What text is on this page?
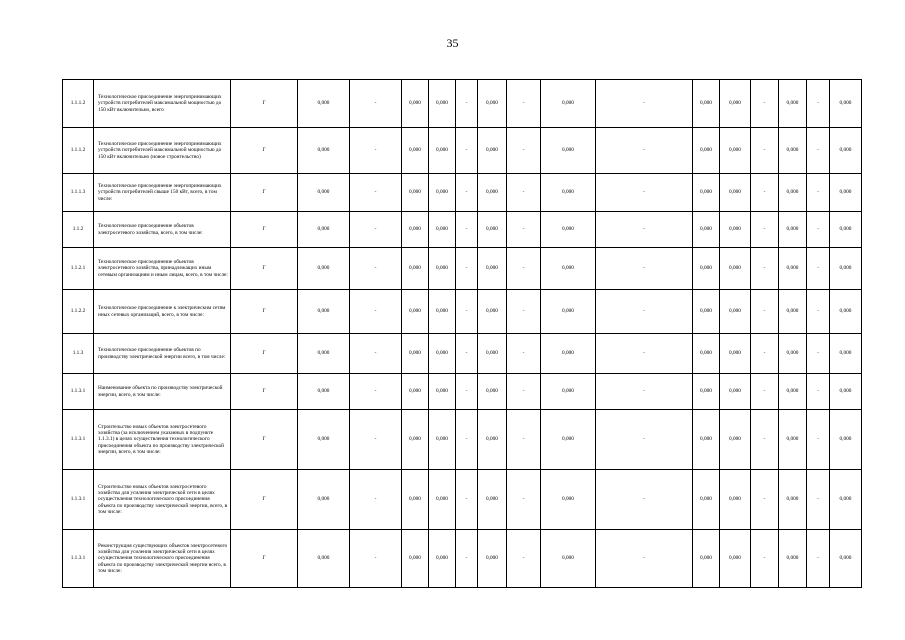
35
1.1.1.2	Технологическое присоединение энергопринимающих устройств потребителей максимальной мощностью до 150 кВт включительно, всего	Г	0,000	-	0,000	0,000	-	0,000	-	0,000	-	0,000	0,000	-	0,000	-	0,000
1.1.1.2	Технологическое присоединение энергопринимающих устройств потребителей максимальной мощностью до 150 кВт включительно (новое строительство)	Г	0,000	-	0,000	0,000	-	0,000	-	0,000	-	0,000	0,000	-	0,000	-	0,000
1.1.1.3	Технологическое присоединение энергопринимающих устройств потребителей свыше 150 кВт, всего, в том числе:	Г	0,000	-	0,000	0,000	-	0,000	-	0,000	-	0,000	0,000	-	0,000	-	0,000
1.1.2	Технологическое присоединение объектов электросетевого хозяйства, всего, в том числе:	Г	0,000	-	0,000	0,000	-	0,000	-	0,000	-	0,000	0,000	-	0,000	-	0,000
1.1.2.1	Технологическое присоединение объектов электросетевого хозяйства, принадлежащих иным сетевым организациям и иным лицам, всего, в том числе:	Г	0,000	-	0,000	0,000	-	0,000	-	0,000	-	0,000	0,000	-	0,000	-	0,000
1.1.2.2	Технологическое присоединение к электрическим сетям иных сетевых организаций, всего, в том числе:	Г	0,000	-	0,000	0,000	-	0,000	-	0,000	-	0,000	0,000	-	0,000	-	0,000
1.1.3	Технологическое присоединение объектов по производству электрической энергии всего, в том числе:	Г	0,000	-	0,000	0,000	-	0,000	-	0,000	-	0,000	0,000	-	0,000	-	0,000
1.1.3.1	Наименование объекта по производству электрической энергии, всего, в том числе:	Г	0,000	-	0,000	0,000	-	0,000	-	0,000	-	0,000	0,000	-	0,000	-	0,000
1.1.3.1	Строительство новых объектов электросетевого хозяйства (за исключением указанных в подпункте 1.1.3.1) в целях осуществления технологического присоединения объекта по производству электрической энергии, всего, в том числе:	Г	0,000	-	0,000	0,000	-	0,000	-	0,000	-	0,000	0,000	-	0,000	-	0,000
1.1.3.1	Строительство новых объектов электросетевого хозяйства для усиления электрической сети в целях осуществления технологического присоединения объекта по производству электрической энергии, всего, в том числе:	Г	0,000	-	0,000	0,000	-	0,000	-	0,000	-	0,000	0,000	-	0,000	-	0,000
1.1.3.1	Реконструкция существующих объектов электросетевого хозяйства для усиления электрической сети в целях осуществления технологического присоединения объекта по производству электрической энергии всего, в том числе:	Г	0,000	-	0,000	0,000	-	0,000	-	0,000	-	0,000	0,000	-	0,000	-	0,000
